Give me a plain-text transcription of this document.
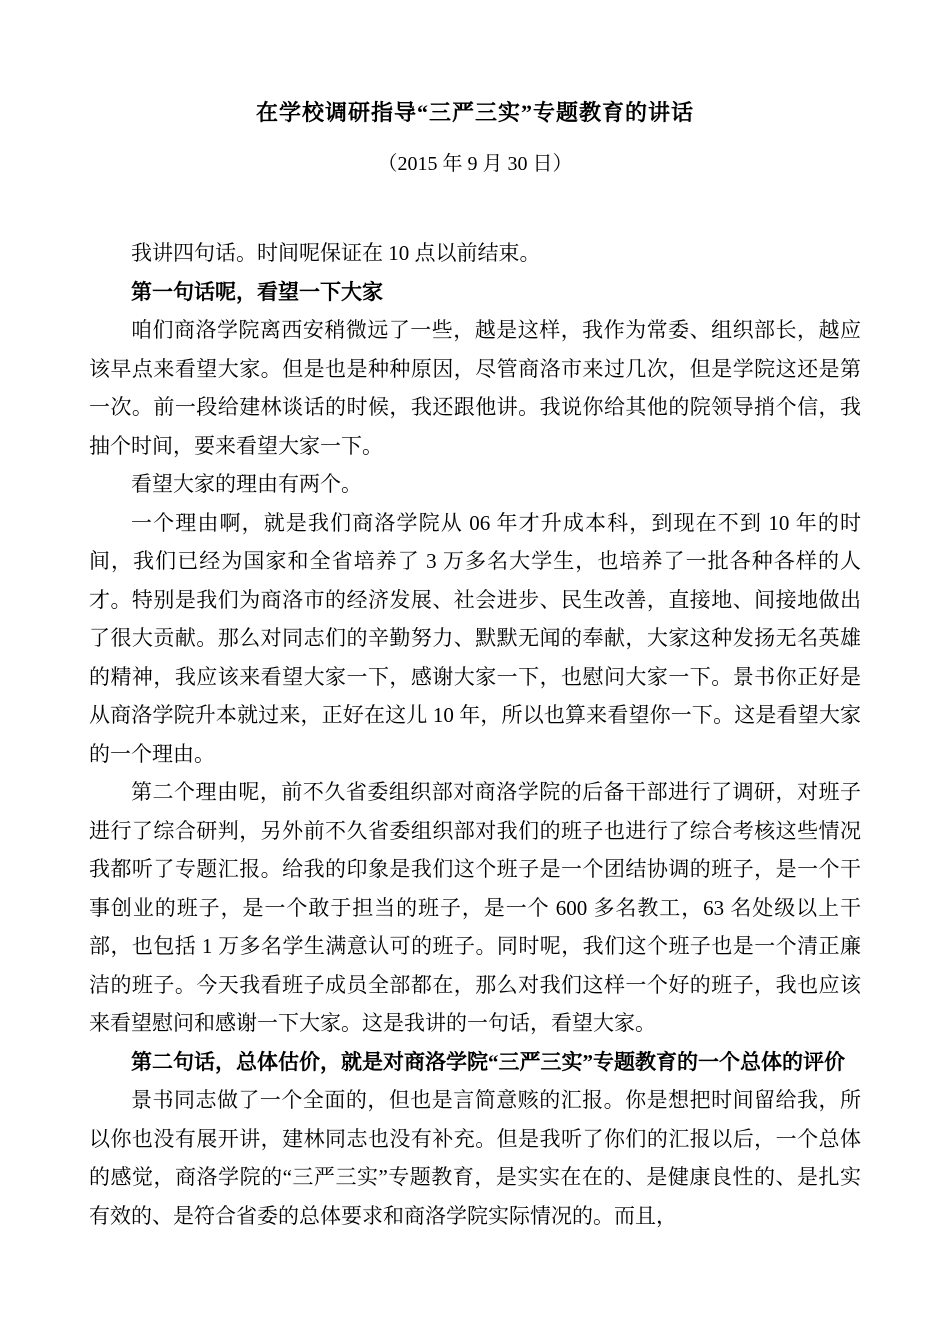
在学校调研指导“三严三实”专题教育的讲话
（2015 年 9 月 30 日）

我讲四句话。时间呢保证在 10 点以前结束。

第一句话呢，看望一下大家

咱们商洛学院离西安稍微远了一些，越是这样，我作为常委、组织部长，越应该早点来看望大家。但是也是种种原因，尽管商洛市来过几次，但是学院这还是第一次。前一段给建林谈话的时候，我还跟他讲。我说你给其他的院领导捎个信，我抽个时间，要来看望大家一下。

看望大家的理由有两个。

一个理由啊，就是我们商洛学院从 06 年才升成本科，到现在不到 10 年的时间，我们已经为国家和全省培养了 3 万多名大学生，也培养了一批各种各样的人才。特别是我们为商洛市的经济发展、社会进步、民生改善，直接地、间接地做出了很大贡献。那么对同志们的辛勤努力、默默无闻的奉献，大家这种发扬无名英雄的精神，我应该来看望大家一下，感谢大家一下，也慰问大家一下。景书你正好是从商洛学院升本就过来，正好在这儿 10 年，所以也算来看望你一下。这是看望大家的一个理由。

第二个理由呢，前不久省委组织部对商洛学院的后备干部进行了调研，对班子进行了综合研判，另外前不久省委组织部对我们的班子也进行了综合考核这些情况我都听了专题汇报。给我的印象是我们这个班子是一个团结协调的班子，是一个干事创业的班子，是一个敢于担当的班子，是一个 600 多名教工，63 名处级以上干部，也包括 1 万多名学生满意认可的班子。同时呢，我们这个班子也是一个清正廉洁的班子。今天我看班子成员全部都在，那么对我们这样一个好的班子，我也应该来看望慰问和感谢一下大家。这是我讲的一句话，看望大家。

第二句话，总体估价，就是对商洛学院“三严三实”专题教育的一个总体的评价

景书同志做了一个全面的，但也是言简意赅的汇报。你是想把时间留给我，所以你也没有展开讲，建林同志也没有补充。但是我听了你们的汇报以后，一个总体的感觉，商洛学院的“三严三实”专题教育，是实实在在的、是健康良性的、是扎实有效的、是符合省委的总体要求和商洛学院实际情况的。而且，
